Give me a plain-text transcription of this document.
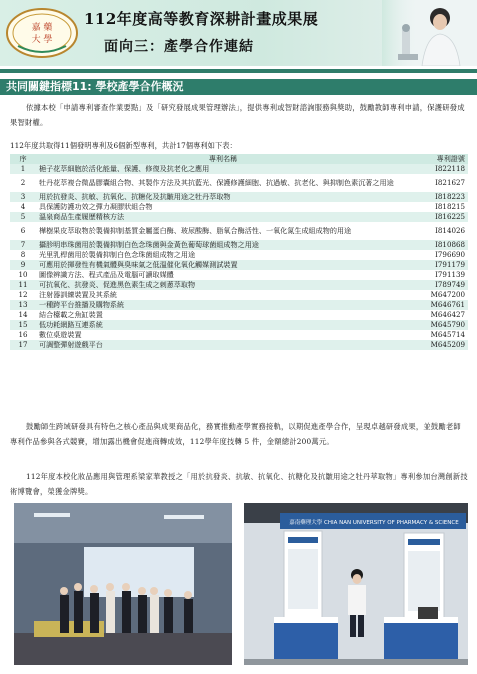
嘉 藥
大 學
112年度高等教育深耕計畫成果展
面向三：產學合作連結
共同關鍵指標11: 學校產學合作概況
依據本校「申請專利審查作業要點」及「研究發展成果管理辦法」，提供專利或智財諮詢服務與獎助，鼓勵教師專利申請，保護研發成果智財權。
112年度共取得11個發明專利及6個新型專利，共計17個專利如下表：
序	專利名稱	專利證號
1	梔子花萃細胞於活化能量、保護、修復及抗老化之應用	I822118
2	牡丹花萃複合微晶膠囊組合物、其製作方法及其抗藍光、保護修護細胞、抗過敏、抗老化、與抑制色素沉著之用途	I821627
3	用於抗發炎、抗敏、抗氧化、抗糖化及抗皺用途之牡丹萃取物	I818223
4	具保護防護功效之彈力凝膠狀組合物	I818215
5	溫泉商品生產履歷精核方法	I816225
6	樺樹果皮萃取物於製備抑制基質金屬蛋白酶、玻尿酸酶、脂氧合酶活性、一氧化氮生成組成物的用途	I814026
7	攝胗明串珠菌用於製備抑制白色念珠菌與金黃色葡萄球菌組成物之用途	I810868
8	光里乳桿菌用於製備抑制白色念珠菌組成物之用途	I796690
9	可應用於揮發性有機氣體與臭味氣之低溫催化氧化觸媒測試裝置	I791179
10	圖像辨識方法、程式產品及電腦可讀取媒體	I791139
11	可抗氧化、抗發炎、促進黑色素生成之刺蔥萃取物	I789749
12	注射器訓練裝置及其系統	M647200
13	一種跨平台推播及購物系統	M646761
14	結合檯載之魚缸裝置	M646427
15	低功耗網路互連系統	M645790
16	數位桌遊裝置	M645714
17	可調整彈射遊戲平台	M645209
鼓勵師生跨域研發具有特色之核心產品與成果商品化，務實推動產學實務接軌，以期促進產學合作，呈現卓越研發成果，並鼓勵老師專利作品參與各式競賽，增加露出機會促進商轉成效，112學年度技轉 5 件，金額總計200萬元。
112年度本校化妝品應用與管理系梁家華教授之「用於抗發炎、抗敏、抗氧化、抗糖化及抗皺用途之牡丹萃取物」專利參加台灣創新技術博覽會，榮獲金牌獎。
嘉南藥理大學 CHIA NAN UNIVERSITY OF PHARMACY & SCIENCE
